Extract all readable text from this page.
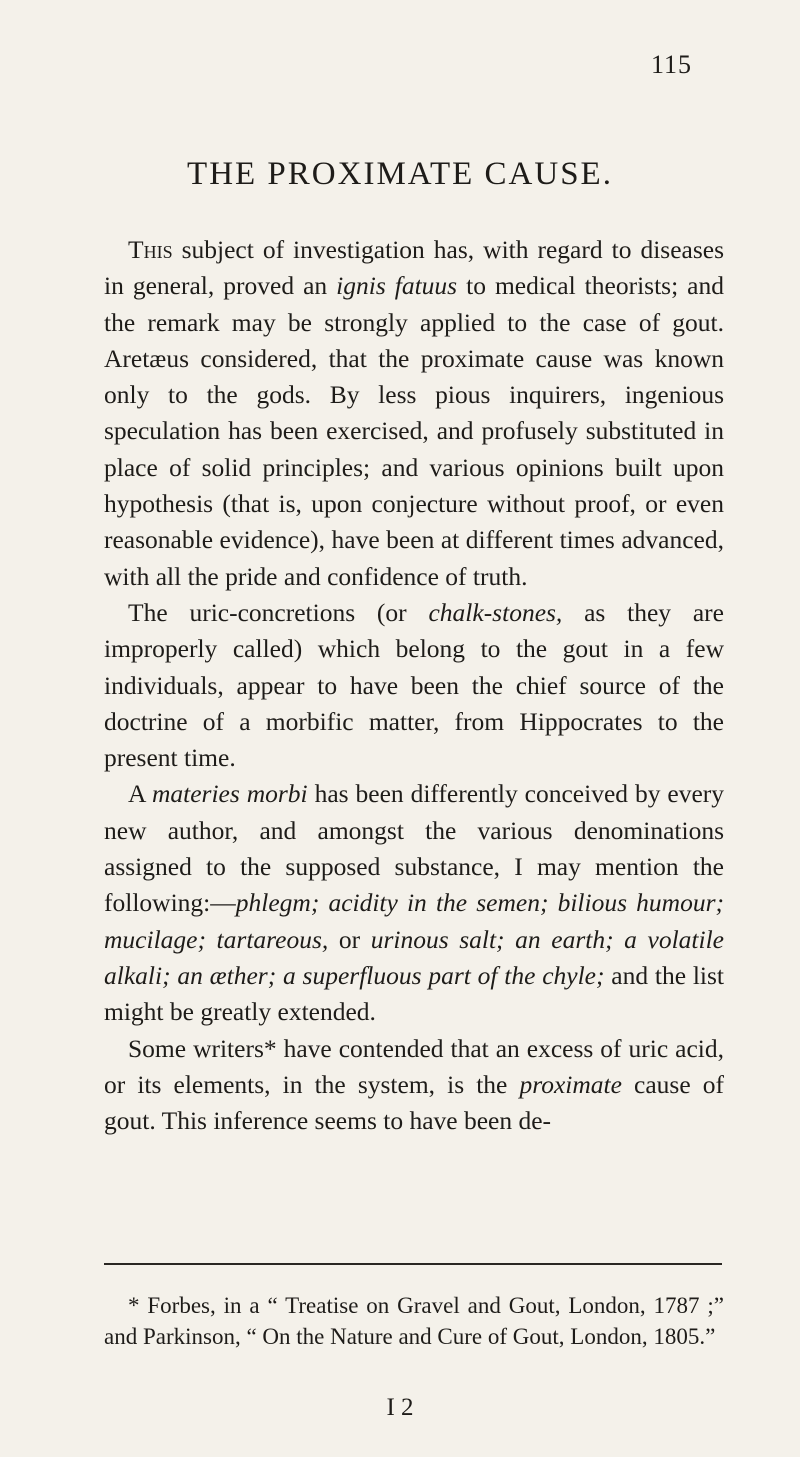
115
THE PROXIMATE CAUSE.

This subject of investigation has, with regard to diseases in general, proved an ignis fatuus to medical theorists; and the remark may be strongly applied to the case of gout. Aretæus considered, that the proximate cause was known only to the gods. By less pious inquirers, ingenious speculation has been exercised, and profusely substituted in place of solid principles; and various opinions built upon hypothesis (that is, upon conjecture without proof, or even reasonable evidence), have been at different times advanced, with all the pride and confidence of truth.

The uric-concretions (or chalk-stones, as they are improperly called) which belong to the gout in a few individuals, appear to have been the chief source of the doctrine of a morbific matter, from Hippocrates to the present time.

A materies morbi has been differently conceived by every new author, and amongst the various denominations assigned to the supposed substance, I may mention the following:—phlegm; acidity in the semen; bilious humour; mucilage; tartareous, or urinous salt; an earth; a volatile alkali; an æther; a superfluous part of the chyle; and the list might be greatly extended.

Some writers* have contended that an excess of uric acid, or its elements, in the system, is the proximate cause of gout. This inference seems to have been de-

* Forbes, in a “ Treatise on Gravel and Gout, London, 1787 ;” and Parkinson, “ On the Nature and Cure of Gout, London, 1805.”

I 2
